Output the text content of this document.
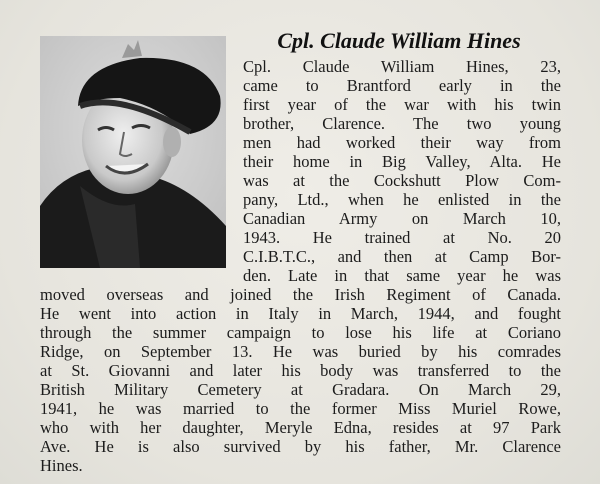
Cpl. Claude William Hines
Cpl. Claude William Hines, 23,
came to Brantford early in the
first year of the war with his twin
brother, Clarence. The two young
men had worked their way from
their home in Big Valley, Alta. He
was at the Cockshutt Plow Com-
pany, Ltd., when he enlisted in the
Canadian Army on March 10,
1943. He trained at No. 20
C.I.B.T.C., and then at Camp Bor-
den. Late in that same year he was
moved overseas and joined the Irish Regiment of Canada.
He went into action in Italy in March, 1944, and fought
through the summer campaign to lose his life at Coriano
Ridge, on September 13. He was buried by his comrades
at St. Giovanni and later his body was transferred to the
British Military Cemetery at Gradara. On March 29,
1941, he was married to the former Miss Muriel Rowe,
who with her daughter, Meryle Edna, resides at 97 Park
Ave. He is also survived by his father, Mr. Clarence
Hines.
